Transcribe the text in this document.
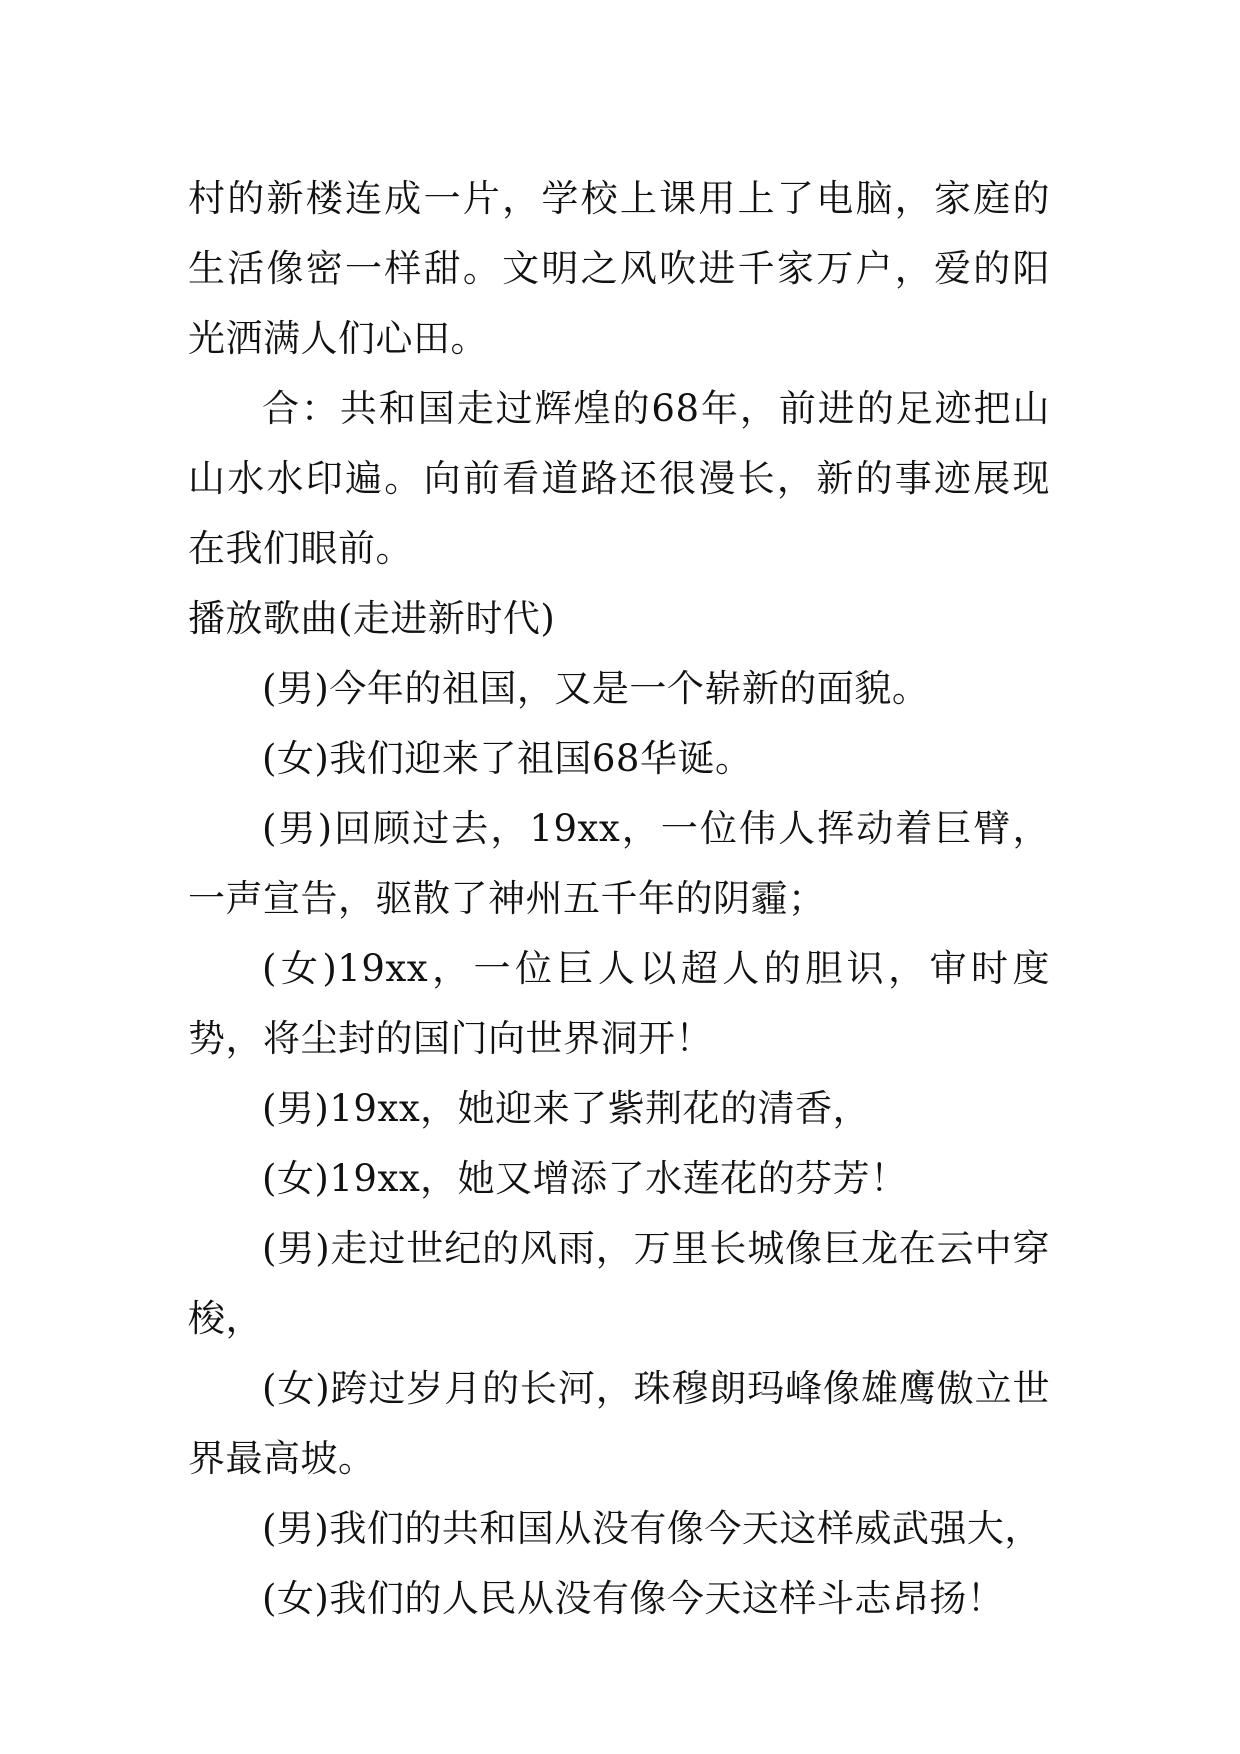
村的新楼连成一片，学校上课用上了电脑，家庭的生活像密一样甜。文明之风吹进千家万户，爱的阳光洒满人们心田。

合：共和国走过辉煌的68年，前进的足迹把山山水水印遍。向前看道路还很漫长，新的事迹展现在我们眼前。

播放歌曲(走进新时代)

(男)今年的祖国，又是一个崭新的面貌。

(女)我们迎来了祖国68华诞。

(男)回顾过去，19xx，一位伟人挥动着巨臂，一声宣告，驱散了神州五千年的阴霾；

(女)19xx，一位巨人以超人的胆识，审时度势，将尘封的国门向世界洞开！

(男)19xx，她迎来了紫荆花的清香，

(女)19xx，她又增添了水莲花的芬芳！

(男)走过世纪的风雨，万里长城像巨龙在云中穿梭，

(女)跨过岁月的长河，珠穆朗玛峰像雄鹰傲立世界最高坡。

(男)我们的共和国从没有像今天这样威武强大，

(女)我们的人民从没有像今天这样斗志昂扬！
